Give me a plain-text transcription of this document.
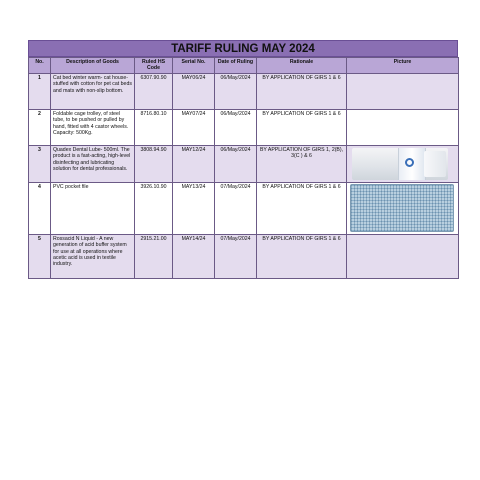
TARIFF RULING MAY 2024
No.	Description of Goods	Ruled HS Code	Serial No.	Date of Ruling	Rationale	Picture
1	Cat bed winter warm- cat house-stuffed with cotton for pet cat beds and mats with non-slip bottom.	6307.90.90	MAY06/24	06/May/2024	BY APPLICATION OF GIRS 1 & 6	
2	Foldable cage trolley, of steel tube, to be pushed or pulled by hand, fitted with 4 castor wheels. Capacity: 500Kg.	8716.80.10	MAY07/24	06/May/2024	BY APPLICATION OF GIRS 1 & 6	
3	Quadex Dental Lube- 500ml. The product is a fast-acting, high-level disinfecting and lubricating solution for dental professionals.	3808.94.90	MAY12/24	06/May/2024	BY APPLICATION OF GIRS 1, 2(B), 3(C ) & 6	

4	PVC pocket file	3926.10.90	MAY13/24	07/May/2024	BY APPLICATION OF GIRS 1 & 6	

5	Rossacid N Liquid - A new generation of acid buffer system for use at all operations where acetic acid is used in textile industry.	2915.21.00	MAY14/24	07/May/2024	BY APPLICATION OF GIRS 1 & 6	
